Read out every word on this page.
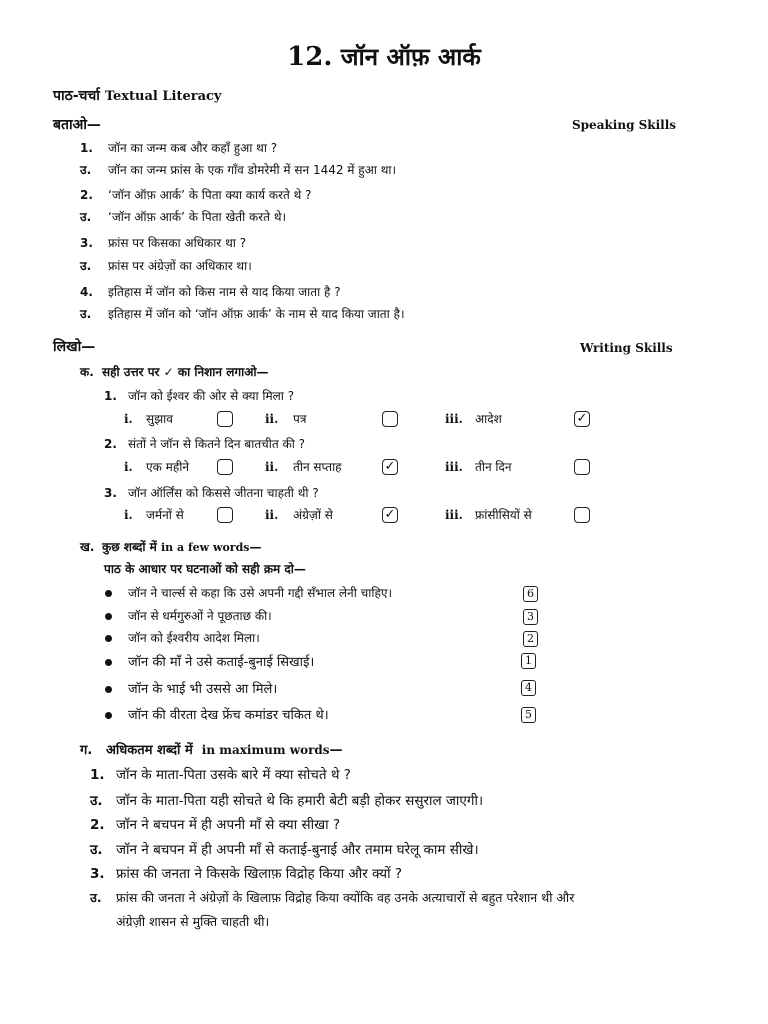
12. जॉन ऑफ़ आर्क
पाठ-चर्चा Textual Literacy
बताओ—	Speaking Skills
1. जॉन का जन्म कब और कहाँ हुआ था ?
उ. जॉन का जन्म फ्रांस के एक गाँव डोमरेमी में सन 1442 में हुआ था।
2. ‘जॉन ऑफ़ आर्क’ के पिता क्या कार्य करते थे ?
उ. ‘जॉन ऑफ़ आर्क’ के पिता खेती करते थे।
3. फ्रांस पर किसका अधिकार था ?
उ. फ्रांस पर अंग्रेज़ों का अधिकार था।
4. इतिहास में जॉन को किस नाम से याद किया जाता है ?
उ. इतिहास में जॉन को ‘जॉन ऑफ़ आर्क’ के नाम से याद किया जाता है।
लिखो—	Writing Skills
क. सही उत्तर पर ✓ का निशान लगाओ—
1. जॉन को ईश्वर की ओर से क्या मिला ?
i. सुझाव	ii. पत्र	iii. आदेश	✓
2. संतों ने जॉन से कितने दिन बातचीत की ?
i. एक महीने	ii. तीन सप्ताह	✓	iii. तीन दिन
3. जॉन ऑर्लिंस को किससे जीतना चाहती थी ?
i. जर्मनों से	ii. अंग्रेज़ों से	✓	iii. फ्रांसीसियों से
ख. कुछ शब्दों में in a few words—
पाठ के आधार पर घटनाओं को सही क्रम दो—
जॉन ने चार्ल्स से कहा कि उसे अपनी गद्दी सँभाल लेनी चाहिए।	6
जॉन से धर्मगुरुओं ने पूछताछ की।	3
जॉन को ईश्वरीय आदेश मिला।	2
जॉन की माँ ने उसे कताई-बुनाई सिखाई।	1
जॉन के भाई भी उससे आ मिले।	4
जॉन की वीरता देख फ्रेंच कमांडर चकित थे।	5
ग. अधिकतम शब्दों में in maximum words—
1. जॉन के माता-पिता उसके बारे में क्या सोचते थे ?
उ. जॉन के माता-पिता यही सोचते थे कि हमारी बेटी बड़ी होकर ससुराल जाएगी।
2. जॉन ने बचपन में ही अपनी माँ से क्या सीखा ?
उ. जॉन ने बचपन में ही अपनी माँ से कताई-बुनाई और तमाम घरेलू काम सीखे।
3. फ्रांस की जनता ने किसके खिलाफ़ विद्रोह किया और क्यों ?
उ. फ्रांस की जनता ने अंग्रेज़ों के खिलाफ़ विद्रोह किया क्योंकि वह उनके अत्याचारों से बहुत परेशान थी और
अंग्रेज़ी शासन से मुक्ति चाहती थी।
